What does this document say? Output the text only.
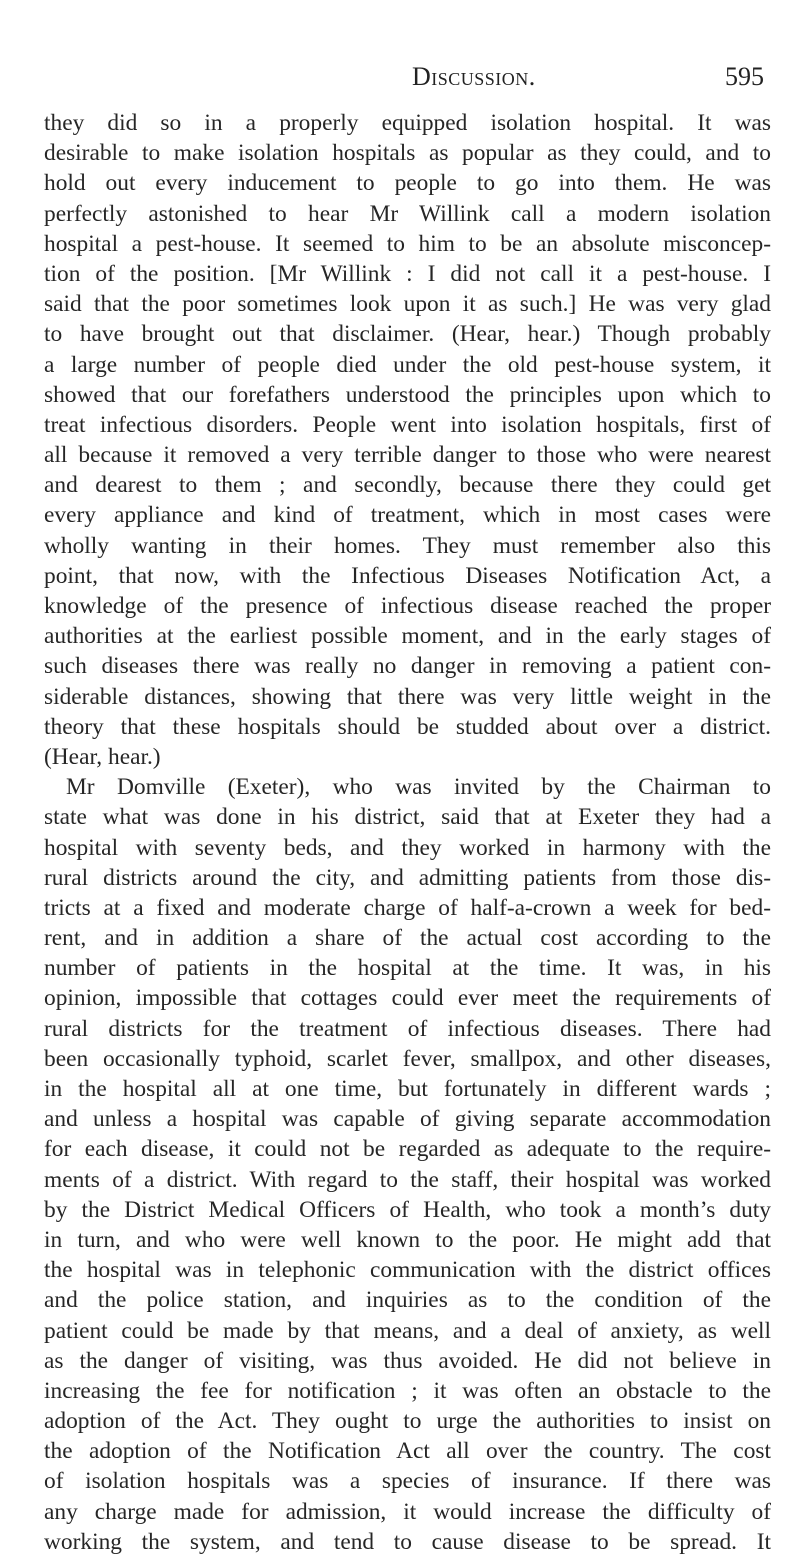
Discussion.	595
they did so in a properly equipped isolation hospital. It was
desirable to make isolation hospitals as popular as they could, and to
hold out every inducement to people to go into them. He was
perfectly astonished to hear Mr Willink call a modern isolation
hospital a pest-house. It seemed to him to be an absolute misconcep-
tion of the position. [Mr Willink : I did not call it a pest-house. I
said that the poor sometimes look upon it as such.] He was very glad
to have brought out that disclaimer. (Hear, hear.) Though probably
a large number of people died under the old pest-house system, it
showed that our forefathers understood the principles upon which to
treat infectious disorders. People went into isolation hospitals, first of
all because it removed a very terrible danger to those who were nearest
and dearest to them ; and secondly, because there they could get
every appliance and kind of treatment, which in most cases were
wholly wanting in their homes. They must remember also this
point, that now, with the Infectious Diseases Notification Act, a
knowledge of the presence of infectious disease reached the proper
authorities at the earliest possible moment, and in the early stages of
such diseases there was really no danger in removing a patient con-
siderable distances, showing that there was very little weight in the
theory that these hospitals should be studded about over a district.
(Hear, hear.)
Mr Domville (Exeter), who was invited by the Chairman to
state what was done in his district, said that at Exeter they had a
hospital with seventy beds, and they worked in harmony with the
rural districts around the city, and admitting patients from those dis-
tricts at a fixed and moderate charge of half-a-crown a week for bed-
rent, and in addition a share of the actual cost according to the
number of patients in the hospital at the time. It was, in his
opinion, impossible that cottages could ever meet the requirements of
rural districts for the treatment of infectious diseases. There had
been occasionally typhoid, scarlet fever, smallpox, and other diseases,
in the hospital all at one time, but fortunately in different wards ;
and unless a hospital was capable of giving separate accommodation
for each disease, it could not be regarded as adequate to the require-
ments of a district. With regard to the staff, their hospital was worked
by the District Medical Officers of Health, who took a month’s duty
in turn, and who were well known to the poor. He might add that
the hospital was in telephonic communication with the district offices
and the police station, and inquiries as to the condition of the
patient could be made by that means, and a deal of anxiety, as well
as the danger of visiting, was thus avoided. He did not believe in
increasing the fee for notification ; it was often an obstacle to the
adoption of the Act. They ought to urge the authorities to insist on
the adoption of the Notification Act all over the country. The cost
of isolation hospitals was a species of insurance. If there was
any charge made for admission, it would increase the difficulty of
working the system, and tend to cause disease to be spread. It
